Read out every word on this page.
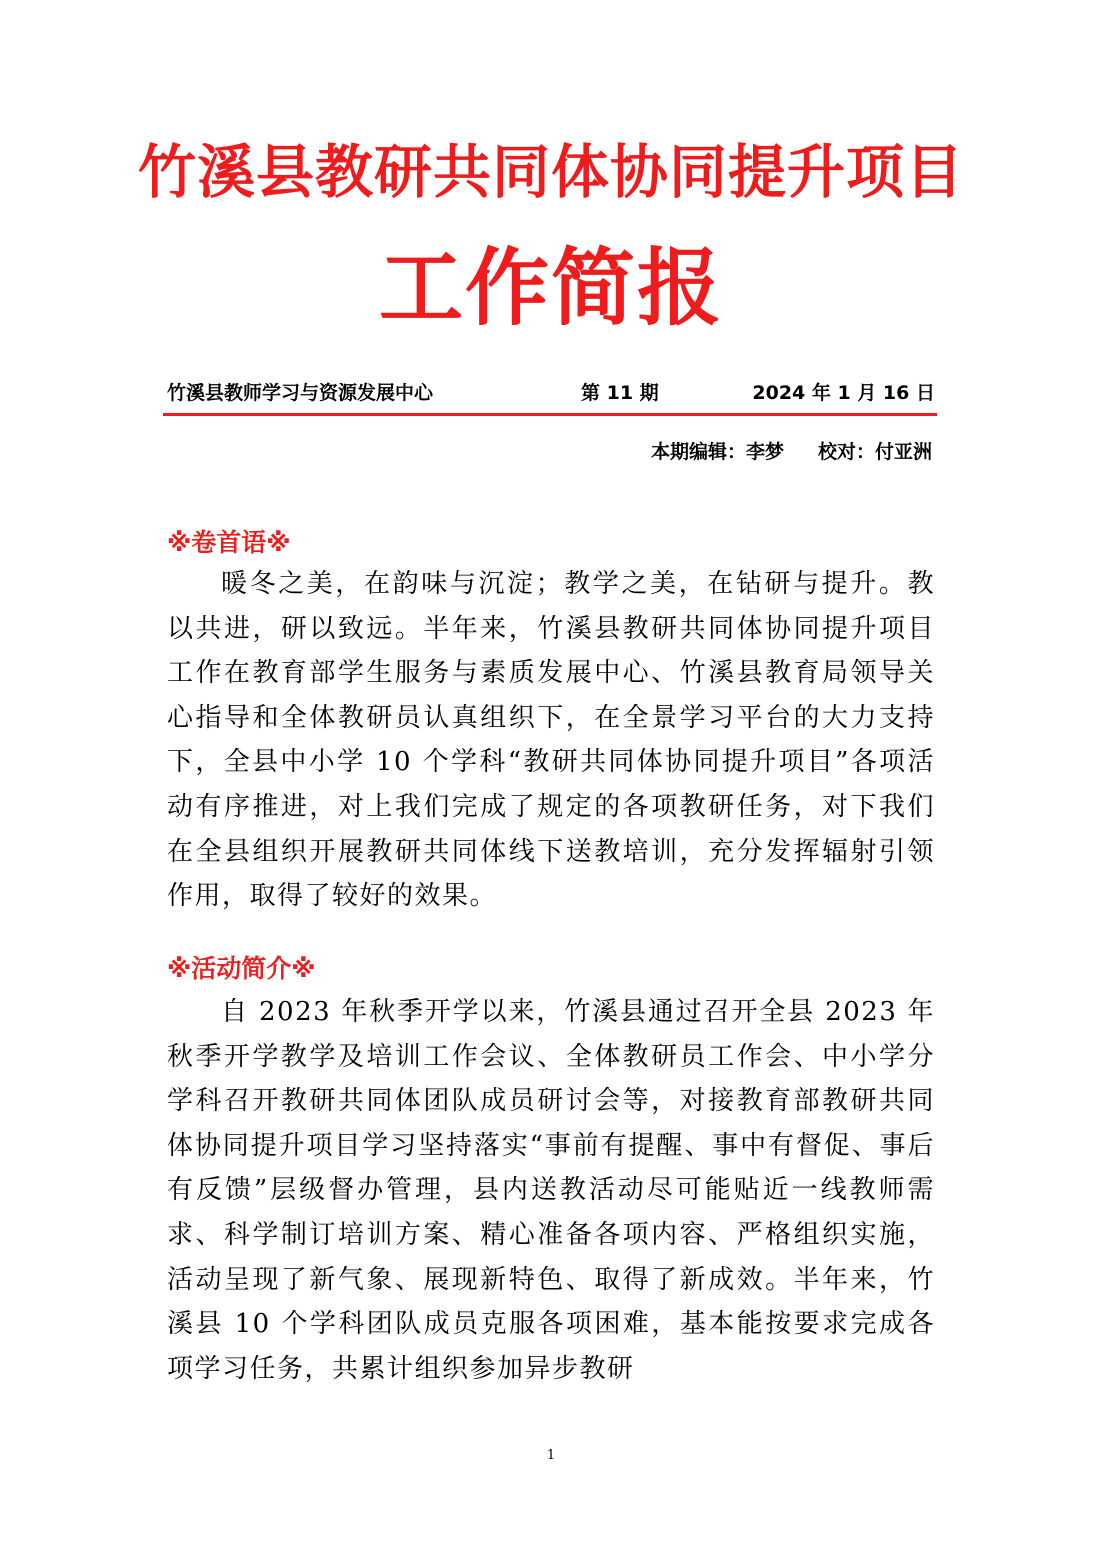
竹溪县教研共同体协同提升项目
工作简报
竹溪县教师学习与资源发展中心	第 11 期	2024 年 1 月 16 日
本期编辑：李梦 校对：付亚洲
※卷首语※

暖冬之美，在韵味与沉淀；教学之美，在钻研与提升。教以共进，研以致远。半年来，竹溪县教研共同体协同提升项目工作在教育部学生服务与素质发展中心、竹溪县教育局领导关心指导和全体教研员认真组织下，在全景学习平台的大力支持下，全县中小学 10 个学科“教研共同体协同提升项目”各项活动有序推进，对上我们完成了规定的各项教研任务，对下我们在全县组织开展教研共同体线下送教培训，充分发挥辐射引领作用，取得了较好的效果。

※活动简介※

自 2023 年秋季开学以来，竹溪县通过召开全县 2023 年秋季开学教学及培训工作会议、全体教研员工作会、中小学分学科召开教研共同体团队成员研讨会等，对接教育部教研共同体协同提升项目学习坚持落实“事前有提醒、事中有督促、事后有反馈”层级督办管理，县内送教活动尽可能贴近一线教师需求、科学制订培训方案、精心准备各项内容、严格组织实施，活动呈现了新气象、展现新特色、取得了新成效。半年来，竹溪县 10 个学科团队成员克服各项困难，基本能按要求完成各项学习任务，共累计组织参加异步教研

1
